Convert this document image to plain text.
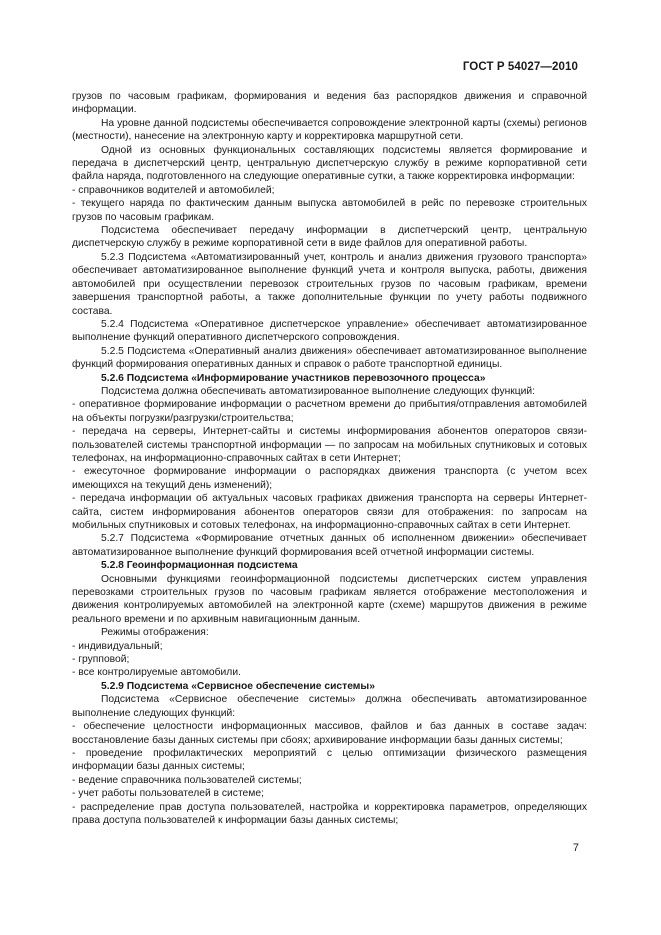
ГОСТ Р 54027—2010

грузов по часовым графикам, формирования и ведения баз распорядков движения и справочной информации.

На уровне данной подсистемы обеспечивается сопровождение электронной карты (схемы) регионов (местности), нанесение на электронную карту и корректировка маршрутной сети.

Одной из основных функциональных составляющих подсистемы является формирование и передача в диспетчерский центр, центральную диспетчерскую службу в режиме корпоративной сети файла наряда, подготовленного на следующие оперативные сутки, а также корректировка информации:

- справочников водителей и автомобилей;

- текущего наряда по фактическим данным выпуска автомобилей в рейс по перевозке строительных грузов по часовым графикам.

Подсистема обеспечивает передачу информации в диспетчерский центр, центральную диспетчерскую службу в режиме корпоративной сети в виде файлов для оперативной работы.

5.2.3 Подсистема «Автоматизированный учет, контроль и анализ движения грузового транспорта» обеспечивает автоматизированное выполнение функций учета и контроля выпуска, работы, движения автомобилей при осуществлении перевозок строительных грузов по часовым графикам, времени завершения транспортной работы, а также дополнительные функции по учету работы подвижного состава.

5.2.4 Подсистема «Оперативное диспетчерское управление» обеспечивает автоматизированное выполнение функций оперативного диспетчерского сопровождения.

5.2.5 Подсистема «Оперативный анализ движения» обеспечивает автоматизированное выполнение функций формирования оперативных данных и справок о работе транспортной единицы.

5.2.6 Подсистема «Информирование участников перевозочного процесса»

Подсистема должна обеспечивать автоматизированное выполнение следующих функций:

- оперативное формирование информации о расчетном времени до прибытия/отправления автомобилей на объекты погрузки/разгрузки/строительства;

- передача на серверы, Интернет-сайты и системы информирования абонентов операторов связи-пользователей системы транспортной информации — по запросам на мобильных спутниковых и сотовых телефонах, на информационно-справочных сайтах в сети Интернет;

- ежесуточное формирование информации о распорядках движения транспорта (с учетом всех имеющихся на текущий день изменений);

- передача информации об актуальных часовых графиках движения транспорта на серверы Интернет-сайта, систем информирования абонентов операторов связи для отображения: по запросам на мобильных спутниковых и сотовых телефонах, на информационно-справочных сайтах в сети Интернет.

5.2.7 Подсистема «Формирование отчетных данных об исполненном движении» обеспечивает автоматизированное выполнение функций формирования всей отчетной информации системы.

5.2.8 Геоинформационная подсистема

Основными функциями геоинформационной подсистемы диспетчерских систем управления перевозками строительных грузов по часовым графикам является отображение местоположения и движения контролируемых автомобилей на электронной карте (схеме) маршрутов движения в режиме реального времени и по архивным навигационным данным.

Режимы отображения:

- индивидуальный;

- групповой;

- все контролируемые автомобили.

5.2.9 Подсистема «Сервисное обеспечение системы»

Подсистема «Сервисное обеспечение системы» должна обеспечивать автоматизированное выполнение следующих функций:

- обеспечение целостности информационных массивов, файлов и баз данных в составе задач: восстановление базы данных системы при сбоях; архивирование информации базы данных системы;

- проведение профилактических мероприятий с целью оптимизации физического размещения информации базы данных системы;

- ведение справочника пользователей системы;

- учет работы пользователей в системе;

- распределение прав доступа пользователей, настройка и корректировка параметров, определяющих права доступа пользователей к информации базы данных системы;

7
